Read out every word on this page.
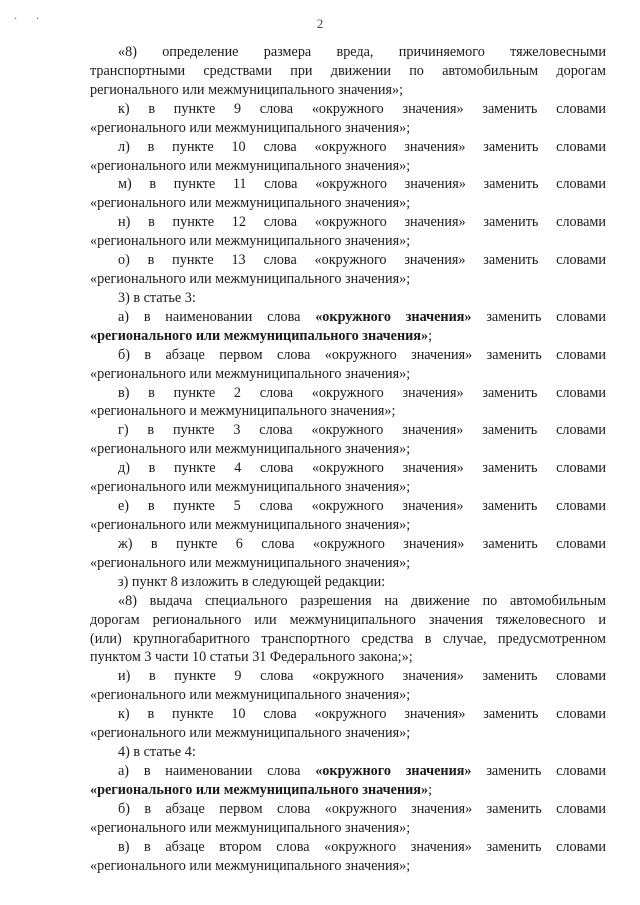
· ·	2
«8) определение размера вреда, причиняемого тяжеловесными
транспортными средствами при движении по автомобильным дорогам
регионального или межмуниципального значения»;
к) в пункте 9 слова «окружного значения» заменить словами
«регионального или межмуниципального значения»;
л) в пункте 10 слова «окружного значения» заменить словами
«регионального или межмуниципального значения»;
м) в пункте 11 слова «окружного значения» заменить словами
«регионального или межмуниципального значения»;
н) в пункте 12 слова «окружного значения» заменить словами
«регионального или межмуниципального значения»;
о) в пункте 13 слова «окружного значения» заменить словами
«регионального или межмуниципального значения»;
3) в статье 3:
а) в наименовании слова «окружного значения» заменить словами
«регионального или межмуниципального значения»;
б) в абзаце первом слова «окружного значения» заменить словами
«регионального или межмуниципального значения»;
в) в пункте 2 слова «окружного значения» заменить словами
«регионального и межмуниципального значения»;
г) в пункте 3 слова «окружного значения» заменить словами
«регионального или межмуниципального значения»;
д) в пункте 4 слова «окружного значения» заменить словами
«регионального или межмуниципального значения»;
е) в пункте 5 слова «окружного значения» заменить словами
«регионального или межмуниципального значения»;
ж) в пункте 6 слова «окружного значения» заменить словами
«регионального или межмуниципального значения»;
з) пункт 8 изложить в следующей редакции:
«8) выдача специального разрешения на движение по автомобильным
дорогам регионального или межмуниципального значения тяжеловесного и
(или) крупногабаритного транспортного средства в случае, предусмотренном
пунктом 3 части 10 статьи 31 Федерального закона;»;
и) в пункте 9 слова «окружного значения» заменить словами
«регионального или межмуниципального значения»;
к) в пункте 10 слова «окружного значения» заменить словами
«регионального или межмуниципального значения»;
4) в статье 4:
а) в наименовании слова «окружного значения» заменить словами
«регионального или межмуниципального значения»;
б) в абзаце первом слова «окружного значения» заменить словами
«регионального или межмуниципального значения»;
в) в абзаце втором слова «окружного значения» заменить словами
«регионального или межмуниципального значения»;
